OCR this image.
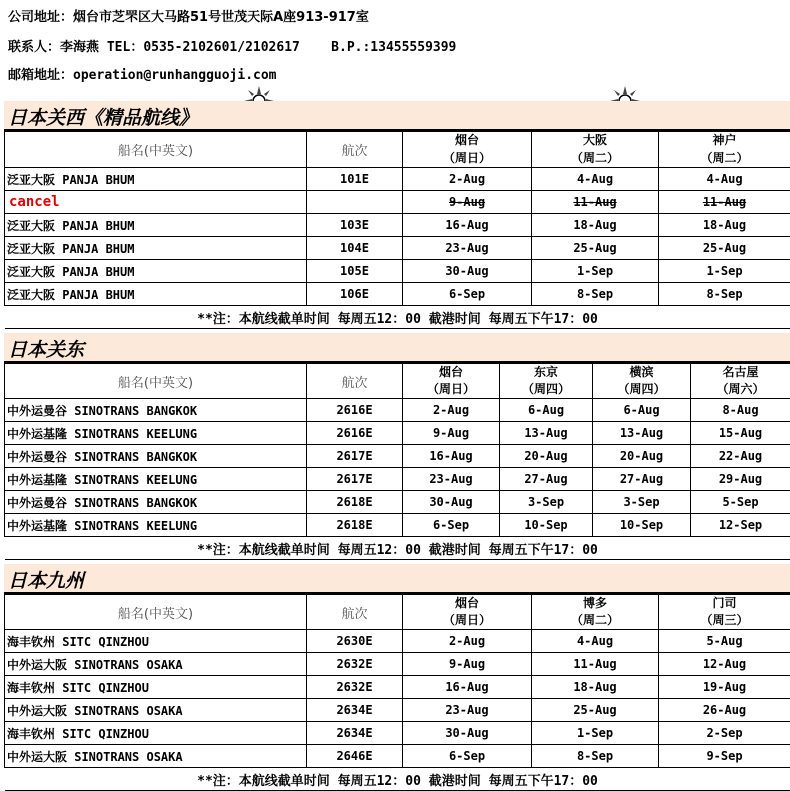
公司地址：烟台市芝罘区大马路51号世茂天际A座913-917室
联系人：李海燕 TEL：0535-2102601/2102617    B.P.:13455559399
邮箱地址：operation@runhangguoji.com
日本关西《精品航线》
船名(中英文)	航次	烟台	大阪	神户
		（周日）	（周二）	（周二）
泛亚大阪 PANJA BHUM	101E	2-Aug	4-Aug	4-Aug
cancel		9-Aug	11-Aug	11-Aug
泛亚大阪 PANJA BHUM	103E	16-Aug	18-Aug	18-Aug
泛亚大阪 PANJA BHUM	104E	23-Aug	25-Aug	25-Aug
泛亚大阪 PANJA BHUM	105E	30-Aug	1-Sep	1-Sep
泛亚大阪 PANJA BHUM	106E	6-Sep	8-Sep	8-Sep
**注：本航线截单时间 每周五12：00 截港时间 每周五下午17：00				
日本关东
船名(中英文)	航次	烟台	东京	横滨	名古屋
		（周日）	（周四）	（周四）	（周六）
中外运曼谷 SINOTRANS BANGKOK	2616E	2-Aug	6-Aug	6-Aug	8-Aug
中外运基隆 SINOTRANS KEELUNG	2616E	9-Aug	13-Aug	13-Aug	15-Aug
中外运曼谷 SINOTRANS BANGKOK	2617E	16-Aug	20-Aug	20-Aug	22-Aug
中外运基隆 SINOTRANS KEELUNG	2617E	23-Aug	27-Aug	27-Aug	29-Aug
中外运曼谷 SINOTRANS BANGKOK	2618E	30-Aug	3-Sep	3-Sep	5-Sep
中外运基隆 SINOTRANS KEELUNG	2618E	6-Sep	10-Sep	10-Sep	12-Sep
**注：本航线截单时间 每周五12：00 截港时间 每周五下午17：00					
日本九州
船名(中英文)	航次	烟台	博多	门司
		（周日）	（周二）	（周三）
海丰钦州 SITC QINZHOU	2630E	2-Aug	4-Aug	5-Aug
中外运大阪 SINOTRANS OSAKA	2632E	9-Aug	11-Aug	12-Aug
海丰钦州 SITC QINZHOU	2632E	16-Aug	18-Aug	19-Aug
中外运大阪 SINOTRANS OSAKA	2634E	23-Aug	25-Aug	26-Aug
海丰钦州 SITC QINZHOU	2634E	30-Aug	1-Sep	2-Sep
中外运大阪 SINOTRANS OSAKA	2646E	6-Sep	8-Sep	9-Sep
**注：本航线截单时间 每周五12：00 截港时间 每周五下午17：00				
